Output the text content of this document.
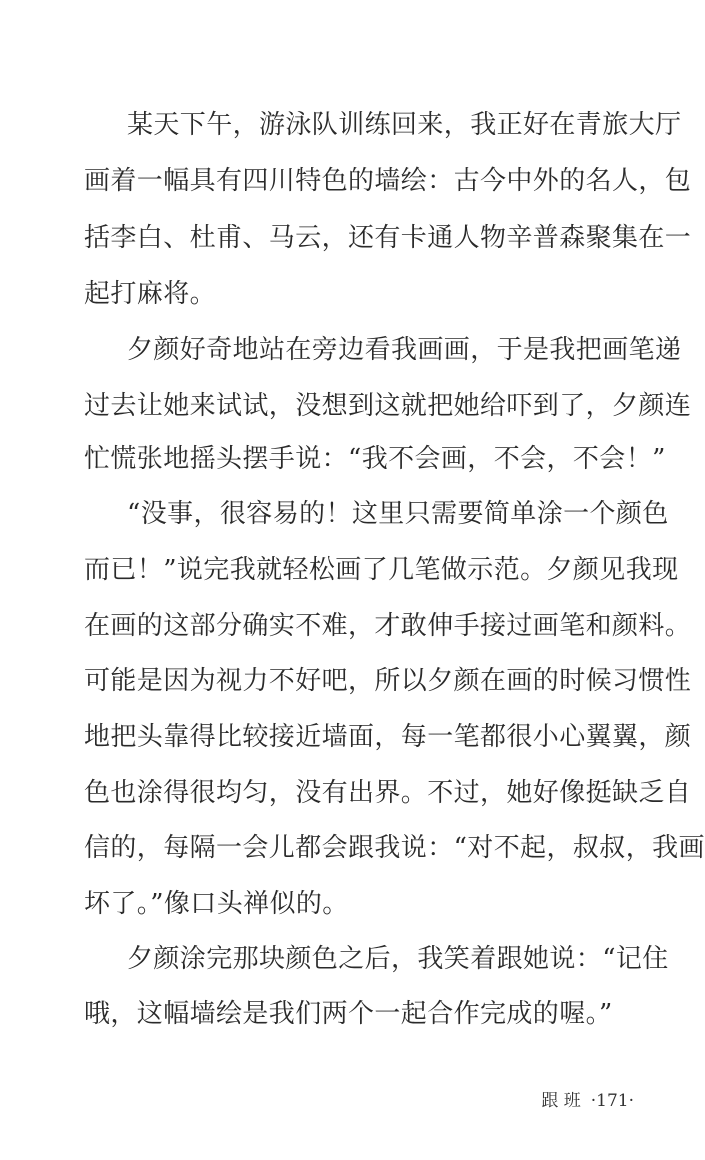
某天下午，游泳队训练回来，我正好在青旅大厅
画着一幅具有四川特色的墙绘：古今中外的名人，包
括李白、杜甫、马云，还有卡通人物辛普森聚集在一
起打麻将。
夕颜好奇地站在旁边看我画画，于是我把画笔递
过去让她来试试，没想到这就把她给吓到了，夕颜连
忙慌张地摇头摆手说：“我不会画，不会，不会！”
“没事，很容易的！这里只需要简单涂一个颜色
而已！”说完我就轻松画了几笔做示范。夕颜见我现
在画的这部分确实不难，才敢伸手接过画笔和颜料。
可能是因为视力不好吧，所以夕颜在画的时候习惯性
地把头靠得比较接近墙面，每一笔都很小心翼翼，颜
色也涂得很均匀，没有出界。不过，她好像挺缺乏自
信的，每隔一会儿都会跟我说：“对不起，叔叔，我画
坏了。”像口头禅似的。
夕颜涂完那块颜色之后，我笑着跟她说：“记住
哦，这幅墙绘是我们两个一起合作完成的喔。”
跟 班 ·171·
